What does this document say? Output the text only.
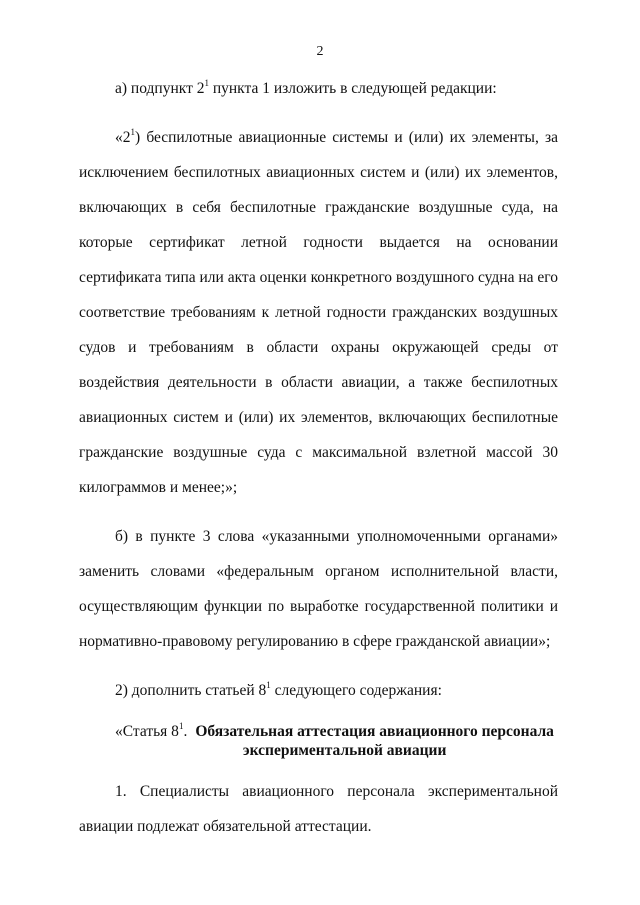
2

а) подпункт $2^1$ пункта 1 изложить в следующей редакции:

«$2^1$) беспилотные авиационные системы и (или) их элементы, за исключением беспилотных авиационных систем и (или) их элементов, включающих в себя беспилотные гражданские воздушные суда, на которые сертификат летной годности выдается на основании сертификата типа или акта оценки конкретного воздушного судна на его соответствие требованиям к летной годности гражданских воздушных судов и требованиям в области охраны окружающей среды от воздействия деятельности в области авиации, а также беспилотных авиационных систем и (или) их элементов, включающих беспилотные гражданские воздушные суда с максимальной взлетной массой 30 килограммов и менее;»;

б) в пункте 3 слова «указанными уполномоченными органами» заменить словами «федеральным органом исполнительной власти, осуществляющим функции по выработке государственной политики и нормативно-правовому регулированию в сфере гражданской авиации»;

2) дополнить статьей $8^1$ следующего содержания:

«Статья $8^1$. Обязательная аттестация авиационного персонала
экспериментальной авиации

1. Специалисты авиационного персонала экспериментальной авиации подлежат обязательной аттестации.
